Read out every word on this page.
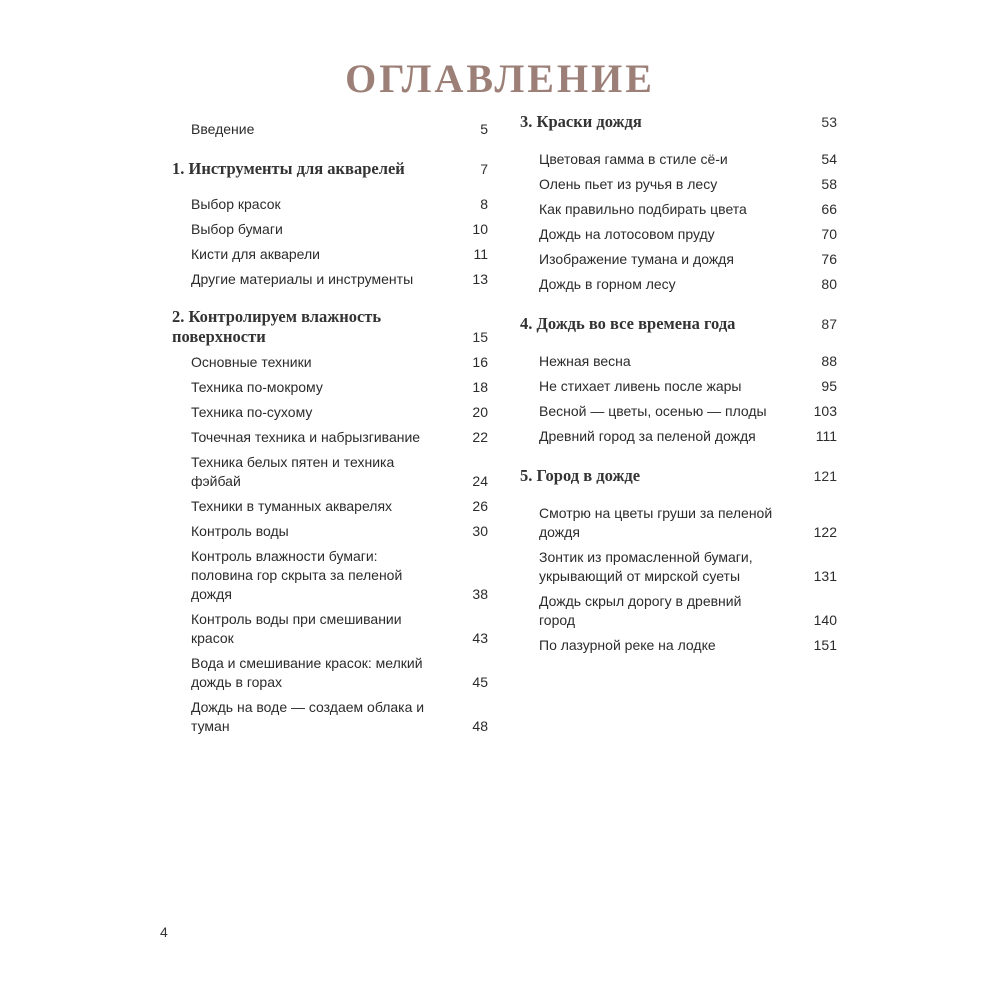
ОГЛАВЛЕНИЕ
Введение	5
1. Инструменты для акварелей	7
Выбор красок	8
Выбор бумаги	10
Кисти для акварели	11
Другие материалы и инструменты	13
2. Контролируем влажность поверхности	15
Основные техники	16
Техника по-мокрому	18
Техника по-сухому	20
Точечная техника и набрызгивание	22
Техника белых пятен и техника фэйбай	24
Техники в туманных акварелях	26
Контроль воды	30
Контроль влажности бумаги: половина гор скрыта за пеленой дождя	38
Контроль воды при смешивании красок	43
Вода и смешивание красок: мелкий дождь в горах	45
Дождь на воде — создаем облака и туман	48
3. Краски дождя	53
Цветовая гамма в стиле сё-и	54
Олень пьет из ручья в лесу	58
Как правильно подбирать цвета	66
Дождь на лотосовом пруду	70
Изображение тумана и дождя	76
Дождь в горном лесу	80
4. Дождь во все времена года	87
Нежная весна	88
Не стихает ливень после жары	95
Весной — цветы, осенью — плоды	103
Древний город за пеленой дождя	111
5. Город в дожде	121
Смотрю на цветы груши за пеленой дождя	122
Зонтик из промасленной бумаги, укрывающий от мирской суеты	131
Дождь скрыл дорогу в древний город	140
По лазурной реке на лодке	151
4
